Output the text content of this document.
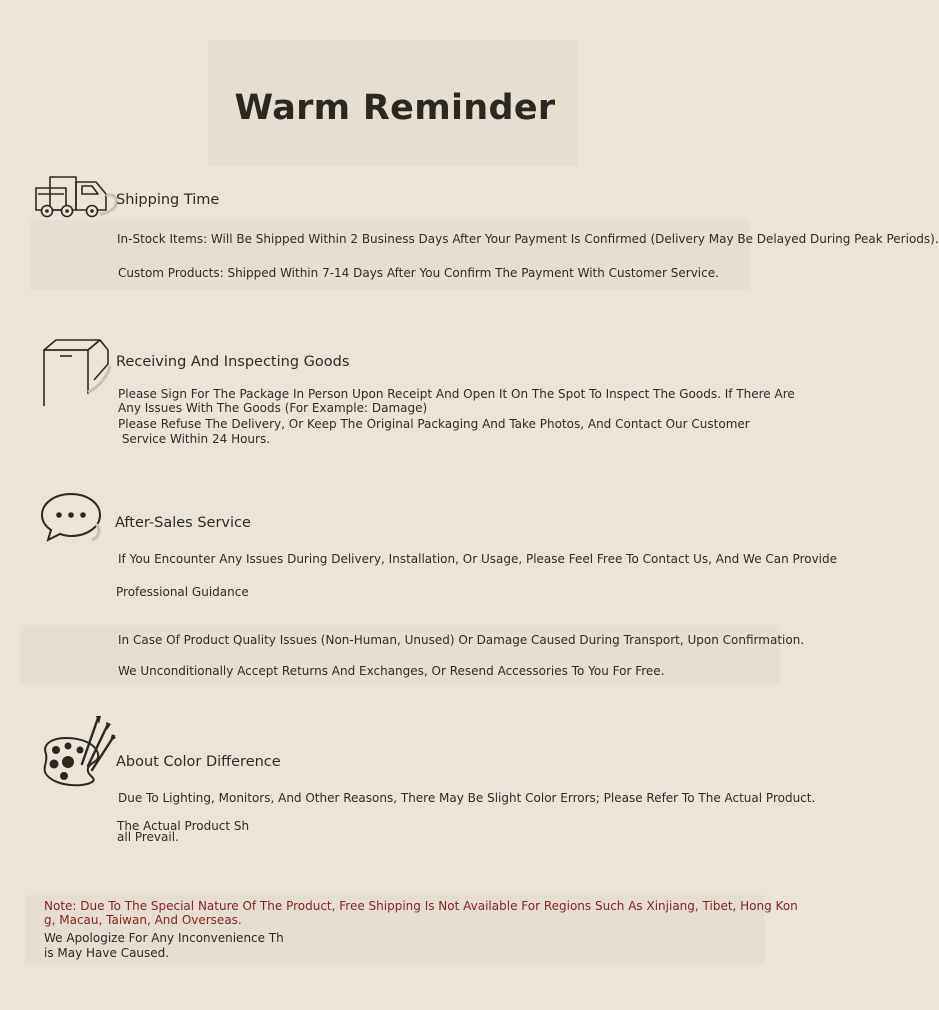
Warm Reminder
Shipping Time
In-Stock Items: Will Be Shipped Within 2 Business Days After Your Payment Is Confirmed (Delivery May Be Delayed During Peak Periods).
Custom Products: Shipped Within 7-14 Days After You Confirm The Payment With Customer Service.
Receiving And Inspecting Goods
Please Sign For The Package In Person Upon Receipt And Open It On The Spot To Inspect The Goods. If There Are
Any Issues With The Goods (For Example: Damage)
Please Refuse The Delivery, Or Keep The Original Packaging And Take Photos, And Contact Our Customer
Service Within 24 Hours.
After-Sales Service
If You Encounter Any Issues During Delivery, Installation, Or Usage, Please Feel Free To Contact Us, And We Can Provide
Professional Guidance
In Case Of Product Quality Issues (Non-Human, Unused) Or Damage Caused During Transport, Upon Confirmation.
We Unconditionally Accept Returns And Exchanges, Or Resend Accessories To You For Free.
About Color Difference
Due To Lighting, Monitors, And Other Reasons, There May Be Slight Color Errors; Please Refer To The Actual Product.
The Actual Product Sh
all Prevail.
Note: Due To The Special Nature Of The Product, Free Shipping Is Not Available For Regions Such As Xinjiang, Tibet, Hong Kon
g, Macau, Taiwan, And Overseas.
We Apologize For Any Inconvenience Th
is May Have Caused.
